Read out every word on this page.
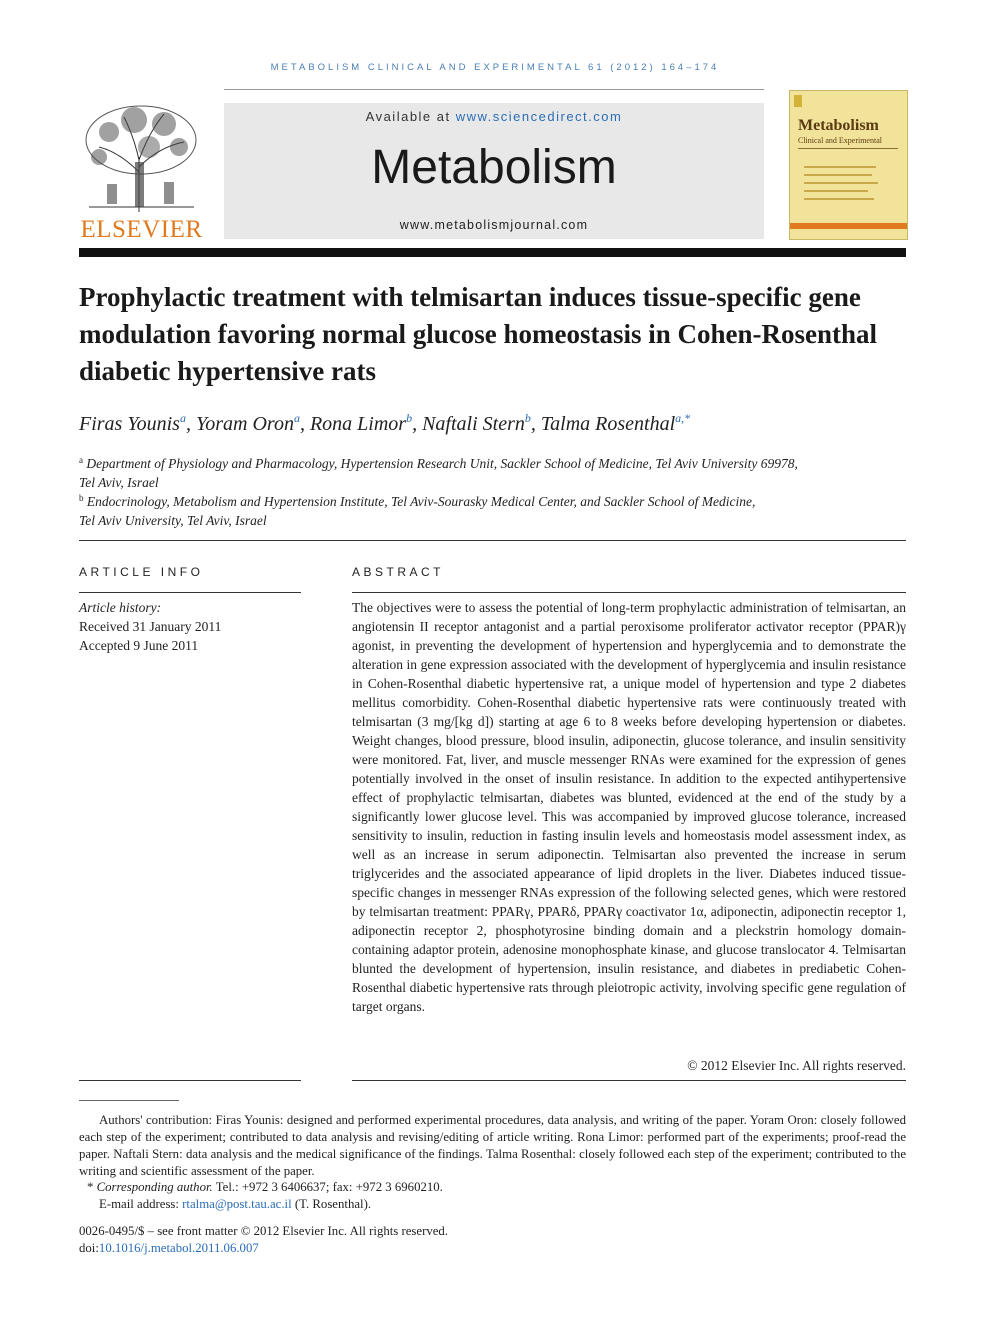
METABOLISM CLINICAL AND EXPERIMENTAL 61 (2012) 164–174
ELSEVIER
Available at www.sciencedirect.com
Metabolism
www.metabolismjournal.com
Metabolism
Clinical and Experimental
Prophylactic treatment with telmisartan induces tissue-specific gene modulation favoring normal glucose homeostasis in Cohen-Rosenthal diabetic hypertensive rats
Firas Younis$^a$, Yoram Oron$^a$, Rona Limor$^b$, Naftali Stern$^b$, Talma Rosenthal$^{a,*}$
$^a$ Department of Physiology and Pharmacology, Hypertension Research Unit, Sackler School of Medicine, Tel Aviv University 69978,
Tel Aviv, Israel
$^b$ Endocrinology, Metabolism and Hypertension Institute, Tel Aviv-Sourasky Medical Center, and Sackler School of Medicine,
Tel Aviv University, Tel Aviv, Israel
ARTICLE INFO
Article history:
Received 31 January 2011
Accepted 9 June 2011
ABSTRACT
The objectives were to assess the potential of long-term prophylactic administration of telmisartan, an angiotensin II receptor antagonist and a partial peroxisome proliferator activator receptor (PPAR)γ agonist, in preventing the development of hypertension and hyperglycemia and to demonstrate the alteration in gene expression associated with the development of hyperglycemia and insulin resistance in Cohen-Rosenthal diabetic hypertensive rat, a unique model of hypertension and type 2 diabetes mellitus comorbidity. Cohen-Rosenthal diabetic hypertensive rats were continuously treated with telmisartan (3 mg/[kg d]) starting at age 6 to 8 weeks before developing hypertension or diabetes. Weight changes, blood pressure, blood insulin, adiponectin, glucose tolerance, and insulin sensitivity were monitored. Fat, liver, and muscle messenger RNAs were examined for the expression of genes potentially involved in the onset of insulin resistance. In addition to the expected antihypertensive effect of prophylactic telmisartan, diabetes was blunted, evidenced at the end of the study by a significantly lower glucose level. This was accompanied by improved glucose tolerance, increased sensitivity to insulin, reduction in fasting insulin levels and homeostasis model assessment index, as well as an increase in serum adiponectin. Telmisartan also prevented the increase in serum triglycerides and the associated appearance of lipid droplets in the liver. Diabetes induced tissue-specific changes in messenger RNAs expression of the following selected genes, which were restored by telmisartan treatment: PPARγ, PPARδ, PPARγ coactivator 1α, adiponectin, adiponectin receptor 1, adiponectin receptor 2, phosphotyrosine binding domain and a pleckstrin homology domain-containing adaptor protein, adenosine monophosphate kinase, and glucose translocator 4. Telmisartan blunted the development of hypertension, insulin resistance, and diabetes in prediabetic Cohen-Rosenthal diabetic hypertensive rats through pleiotropic activity, involving specific gene regulation of target organs.
© 2012 Elsevier Inc. All rights reserved.
Authors' contribution: Firas Younis: designed and performed experimental procedures, data analysis, and writing of the paper. Yoram Oron: closely followed each step of the experiment; contributed to data analysis and revising/editing of article writing. Rona Limor: performed part of the experiments; proof-read the paper. Naftali Stern: data analysis and the medical significance of the findings. Talma Rosenthal: closely followed each step of the experiment; contributed to the writing and scientific assessment of the paper.
* Corresponding author. Tel.: +972 3 6406637; fax: +972 3 6960210.
E-mail address: rtalma@post.tau.ac.il (T. Rosenthal).
0026-0495/$ – see front matter © 2012 Elsevier Inc. All rights reserved.
doi:10.1016/j.metabol.2011.06.007
